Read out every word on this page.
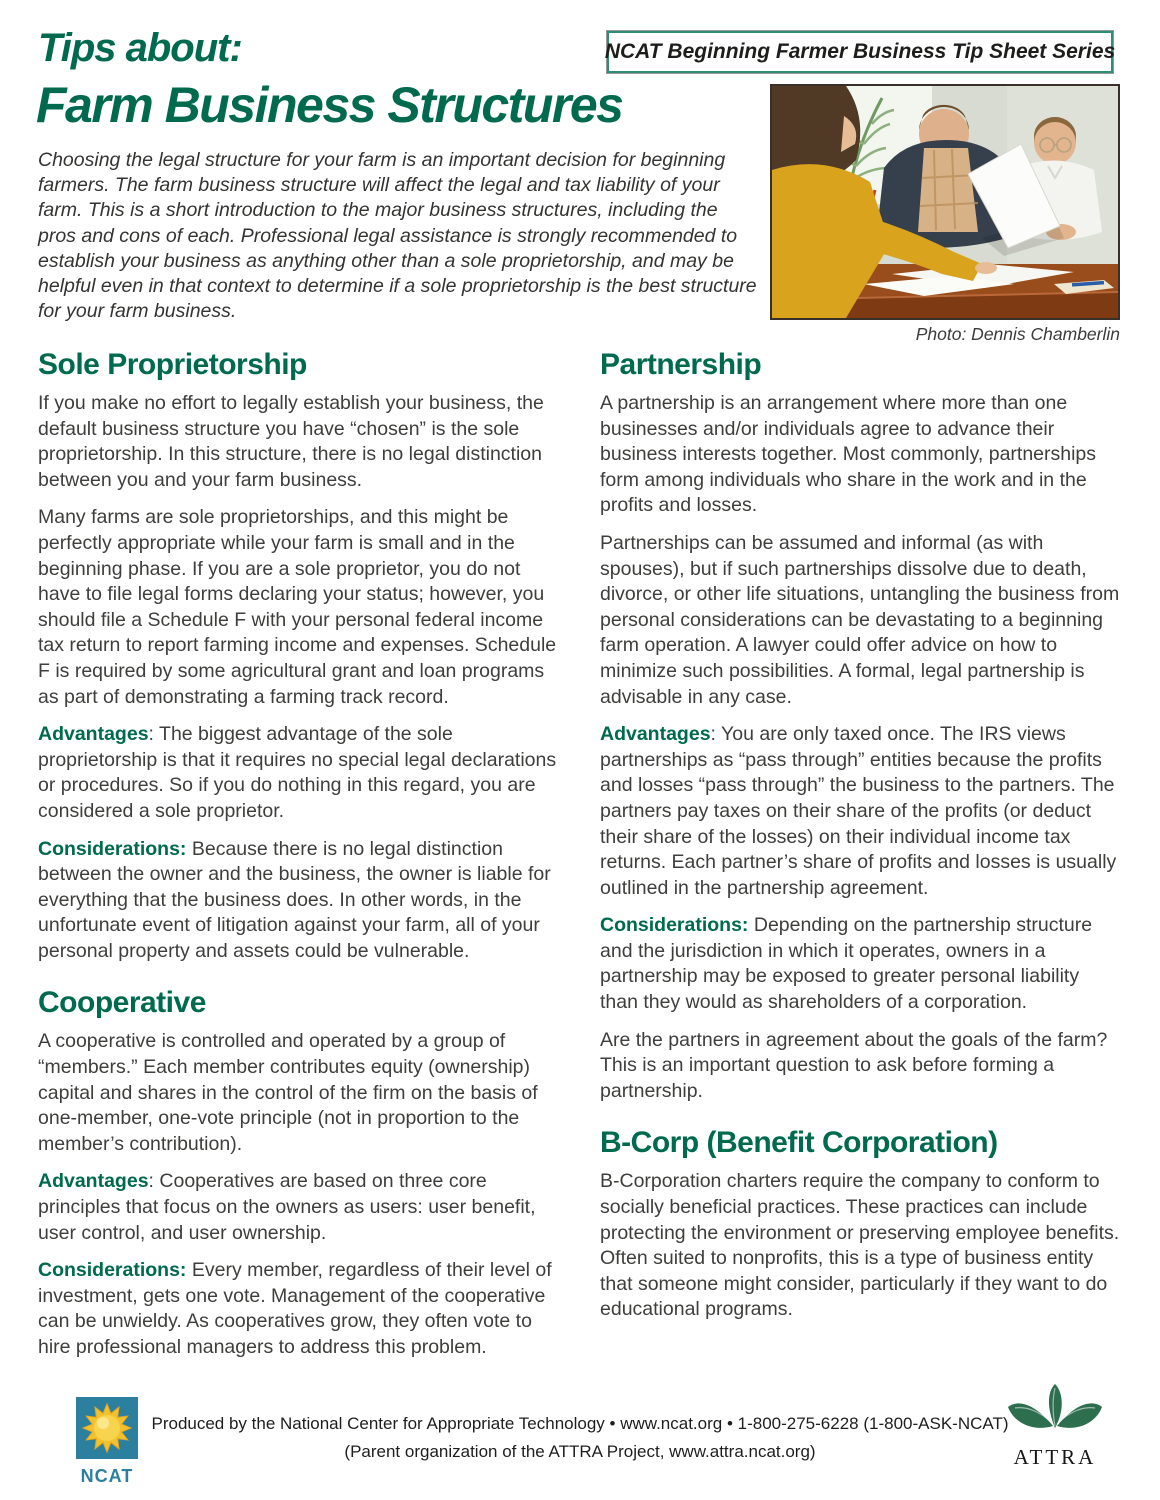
Tips about:
Farm Business Structures
NCAT Beginning Farmer Business Tip Sheet Series

Choosing the legal structure for your farm is an important decision for beginning farmers. The farm business structure will affect the legal and tax liability of your farm. This is a short introduction to the major business structures, including the pros and cons of each. Professional legal assistance is strongly recommended to establish your business as anything other than a sole proprietorship, and may be helpful even in that context to determine if a sole proprietorship is the best structure for your farm business.

Photo: Dennis Chamberlin
Sole Proprietorship

If you make no effort to legally establish your business, the default business structure you have “chosen” is the sole proprietorship. In this structure, there is no legal distinction between you and your farm business.

Many farms are sole proprietorships, and this might be perfectly appropriate while your farm is small and in the beginning phase. If you are a sole proprietor, you do not have to file legal forms declaring your status; however, you should file a Schedule F with your personal federal income tax return to report farming income and expenses. Schedule F is required by some agricultural grant and loan programs as part of demonstrating a farming track record.

Advantages: The biggest advantage of the sole proprietorship is that it requires no special legal declarations or procedures. So if you do nothing in this regard, you are considered a sole proprietor.

Considerations: Because there is no legal distinction between the owner and the business, the owner is liable for everything that the business does. In other words, in the unfortunate event of litigation against your farm, all of your personal property and assets could be vulnerable.

Cooperative

A cooperative is controlled and operated by a group of “members.” Each member contributes equity (ownership) capital and shares in the control of the firm on the basis of one-member, one-vote principle (not in proportion to the member’s contribution).

Advantages: Cooperatives are based on three core principles that focus on the owners as users: user benefit, user control, and user ownership.

Considerations: Every member, regardless of their level of investment, gets one vote. Management of the cooperative can be unwieldy. As cooperatives grow, they often vote to hire professional managers to address this problem.

Partnership

A partnership is an arrangement where more than one businesses and/or individuals agree to advance their business interests together. Most commonly, partnerships form among individuals who share in the work and in the profits and losses.

Partnerships can be assumed and informal (as with spouses), but if such partnerships dissolve due to death, divorce, or other life situations, untangling the business from personal considerations can be devastating to a beginning farm operation. A lawyer could offer advice on how to minimize such possibilities. A formal, legal partnership is advisable in any case.

Advantages: You are only taxed once. The IRS views partnerships as “pass through” entities because the profits and losses “pass through” the business to the partners. The partners pay taxes on their share of the profits (or deduct their share of the losses) on their individual income tax returns. Each partner’s share of profits and losses is usually outlined in the partnership agreement.

Considerations: Depending on the partnership structure and the jurisdiction in which it operates, owners in a partnership may be exposed to greater personal liability than they would as shareholders of a corporation.

Are the partners in agreement about the goals of the farm? This is an important question to ask before forming a partnership.

B-Corp (Benefit Corporation)

B-Corporation charters require the company to conform to socially beneficial practices. These practices can include protecting the environment or preserving employee benefits. Often suited to nonprofits, this is a type of business entity that someone might consider, particularly if they want to do educational programs.

NCAT
Produced by the National Center for Appropriate Technology • www.ncat.org • 1-800-275-6228 (1-800-ASK-NCAT)
(Parent organization of the ATTRA Project, www.attra.ncat.org)	ATTRA
